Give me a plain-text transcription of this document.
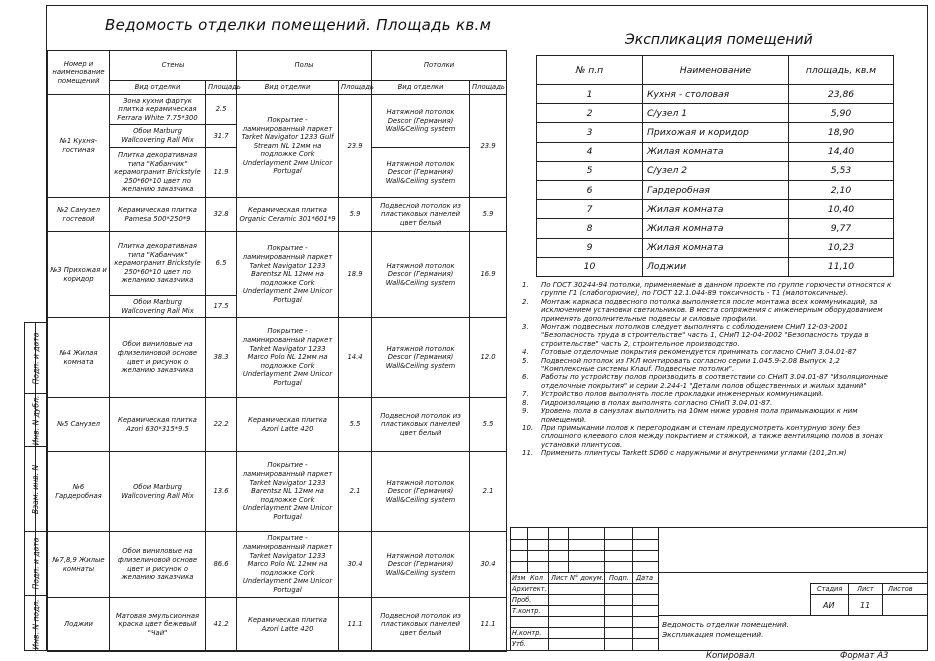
Подп. и дата
Инв. N дубл.
Взам. инв. N
Подп. и дата
Инв. N подл.
Ведомость отделки помещений. Площадь кв.м
Номер и наименование помещений	Стены		Полы		Потолки	
	Вид отделки	Площадь	Вид отделки	Площадь	Вид отделки	Площадь
№1 Кухня-гостиная	Зона кухни фартук плитка керамическая Ferrara White 7.75*300	2.5	Покрытие - ламинированный паркет Tarket Navigator 1233 Gulf Stream NL 12мм на подложке Cork Underlayment 2мм Unicor Portugal	23.9	Натяжной потолок Descor (Германия) Wall&Ceiling system	23.9
	Обои Marburg Wallcovering Rall Mix	31.7				
	Плитка декоративная типа "Кабанчик" керамогранит Brickstyle 250*60*10 цвет по желанию заказчика	11.9			Натяжной потолок Descor (Германия) Wall&Ceiling system	
№2 Санузел гостевой	Керамическая плитка Pamesa 500*250*9	32.8	Керамическая плитка Organic Ceramic 301*601*9	5.9	Подвесной потолок из пластиковых панелей цвет белый	5.9
№3 Прихожая и коридор	Плитка декоративная типа "Кабанчик" керамогранит Brickstyle 250*60*10 цвет по желанию заказчика	6.5	Покрытие - ламинированный паркет Tarket Navigator 1233 Barentsz NL 12мм на подложке Cork Underlayment 2мм Unicor Portugal	18.9	Натяжной потолок Descor (Германия) Wall&Ceiling system	16.9
	Обои Marburg Wallcovering Rall Mix	17.5				
№4 Жилая комната	Обои виниловые на флизелиновой основе цвет и рисунок о желанию заказчика	38.3	Покрытие - ламинированный паркет Tarket Navigator 1233 Marco Polo NL 12мм на подложке Cork Underlayment 2мм Unicor Portugal	14.4	Натяжной потолок Descor (Германия) Wall&Ceiling system	12.0
№5 Санузел	Керамическая плитка Azori 630*315*9.5	22.2	Керамическая плитка Azori Latte 420	5.5	Подвесной потолок из пластиковых панелей цвет белый	5.5
№6 Гардеробная	Обои Marburg Wallcovering Rall Mix	13.6	Покрытие - ламинированный паркет Tarket Navigator 1233 Barentsz NL 12мм на подложке Cork Underlayment 2мм Unicor Portugal	2.1	Натяжной потолок Descor (Германия) Wall&Ceiling system	2.1
№7,8,9 Жилые комнаты	Обои виниловые на флизелиновой основе цвет и рисунок о желанию заказчика	86.6	Покрытие - ламинированный паркет Tarket Navigator 1233 Marco Polo NL 12мм на подложке Cork Underlayment 2мм Unicor Portugal	30.4	Натяжной потолок Descor (Германия) Wall&Ceiling system	30.4
Лоджии	Матовая эмульсионная краска цвет бежевый "Чай"	41.2	Керамическая плитка Azori Latte 420	11.1	Подвесной потолок из пластиковых панелей цвет белый	11.1
Экспликация помещений
№ п.п	Наименование	площадь, кв.м
1	Кухня - столовая	23,86
2	С/узел 1	5,90
3	Прихожая и коридор	18,90
4	Жилая комната	14,40
5	С/узел 2	5,53
6	Гардеробная	2,10
7	Жилая комната	10,40
8	Жилая комната	9,77
9	Жилая комната	10,23
10	Лоджии	11,10
1. По ГОСТ 30244-94 потолки, применяемые в данном проекте по группе горючести относятся к группе Г1 (слабогорючие), по ГОСТ 12.1.044-89 токсичность - Т1 (малотоксичные).
2. Монтаж каркаса подвесного потолка выполняется после монтажа всех коммуникаций, за исключением установки светильников. В места сопряжения с инженерным оборудованием применять дополнительные подвесы и силовые профили.
3. Монтаж подвесных потолков следует выполнять с соблюдением СНиП 12-03-2001 "Безопасность труда в строительстве" часть 1, СНиП 12-04-2002 "Безопасность труда в строительстве" часть 2, строительное производство.
4. Готовые отделочные покрытия рекомендуется принимать согласно СНиП 3.04.01-87
5. Подвесной потолок из ГКЛ монтировать согласно серии 1.045.9-2.08 Выпуск 1,2 "Комплексные системы Knauf. Подвесные потолки".
6. Работы по устройству полов производить в соответствии со СНиП 3.04.01-87 "Изоляционные отделочные покрытия" и серии 2.244-1 "Детали полов общественных и жилых зданий"
7. Устройство полов выполнять после прокладки инженерных коммуникаций.
8. Гидроизоляцию в полах выполнять согласно СНиП 3.04.01-87.
9. Уровень пола в санузлах выполнить на 10мм ниже уровня пола примыкающих к ним помещений.
10. При примыкании полов к перегородкам и стенам предусмотреть контурную зону без сплошного клеевого слоя между покрытием и стяжкой, а также вентиляцию полов в зонах установки плинтусов.
11. Применить плинтусы Tarkett SD60 с наружными и внутренними углами (101,2п.м)
Изм Кол Лист N° докум. Подп. Дата
Архитект.
Проб.
Т.контр.
Н.контр.
Утб.
Стадия Лист Листов
АИ	11
Ведомость отделки помещений.
Экспликация помещений.
Копировал	Формат А3
